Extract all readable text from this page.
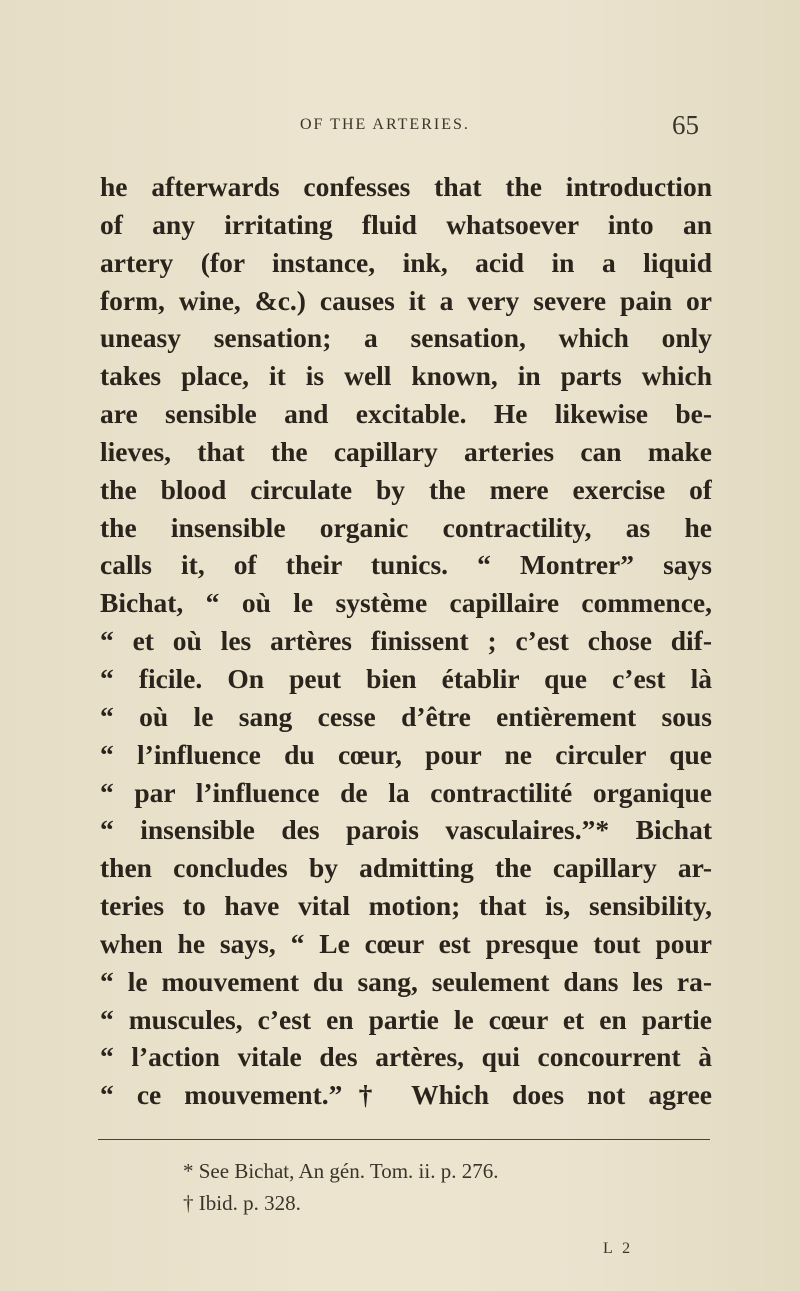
OF THE ARTERIES.	65
he afterwards confesses that the introduction
of any irritating fluid whatsoever into an
artery (for instance, ink, acid in a liquid
form, wine, &c.) causes it a very severe pain or
uneasy sensation; a sensation, which only
takes place, it is well known, in parts which
are sensible and excitable. He likewise be-
lieves, that the capillary arteries can make
the blood circulate by the mere exercise of
the insensible organic contractility, as he
calls it, of their tunics. “ Montrer” says
Bichat, “ où le système capillaire commence,
“ et où les artères finissent ; c’est chose dif-
“ ficile. On peut bien établir que c’est là
“ où le sang cesse d’être entièrement sous
“ l’influence du cœur, pour ne circuler que
“ par l’influence de la contractilité organique
“ insensible des parois vasculaires.”* Bichat
then concludes by admitting the capillary ar-
teries to have vital motion; that is, sensibility,
when he says, “ Le cœur est presque tout pour
“ le mouvement du sang, seulement dans les ra-
“ muscules, c’est en partie le cœur et en partie
“ l’action vitale des artères, qui concourrent à
“ ce mouvement.”† Which does not agree
* See Bichat, An gén. Tom. ii. p. 276.
† Ibid. p. 328.
L 2
